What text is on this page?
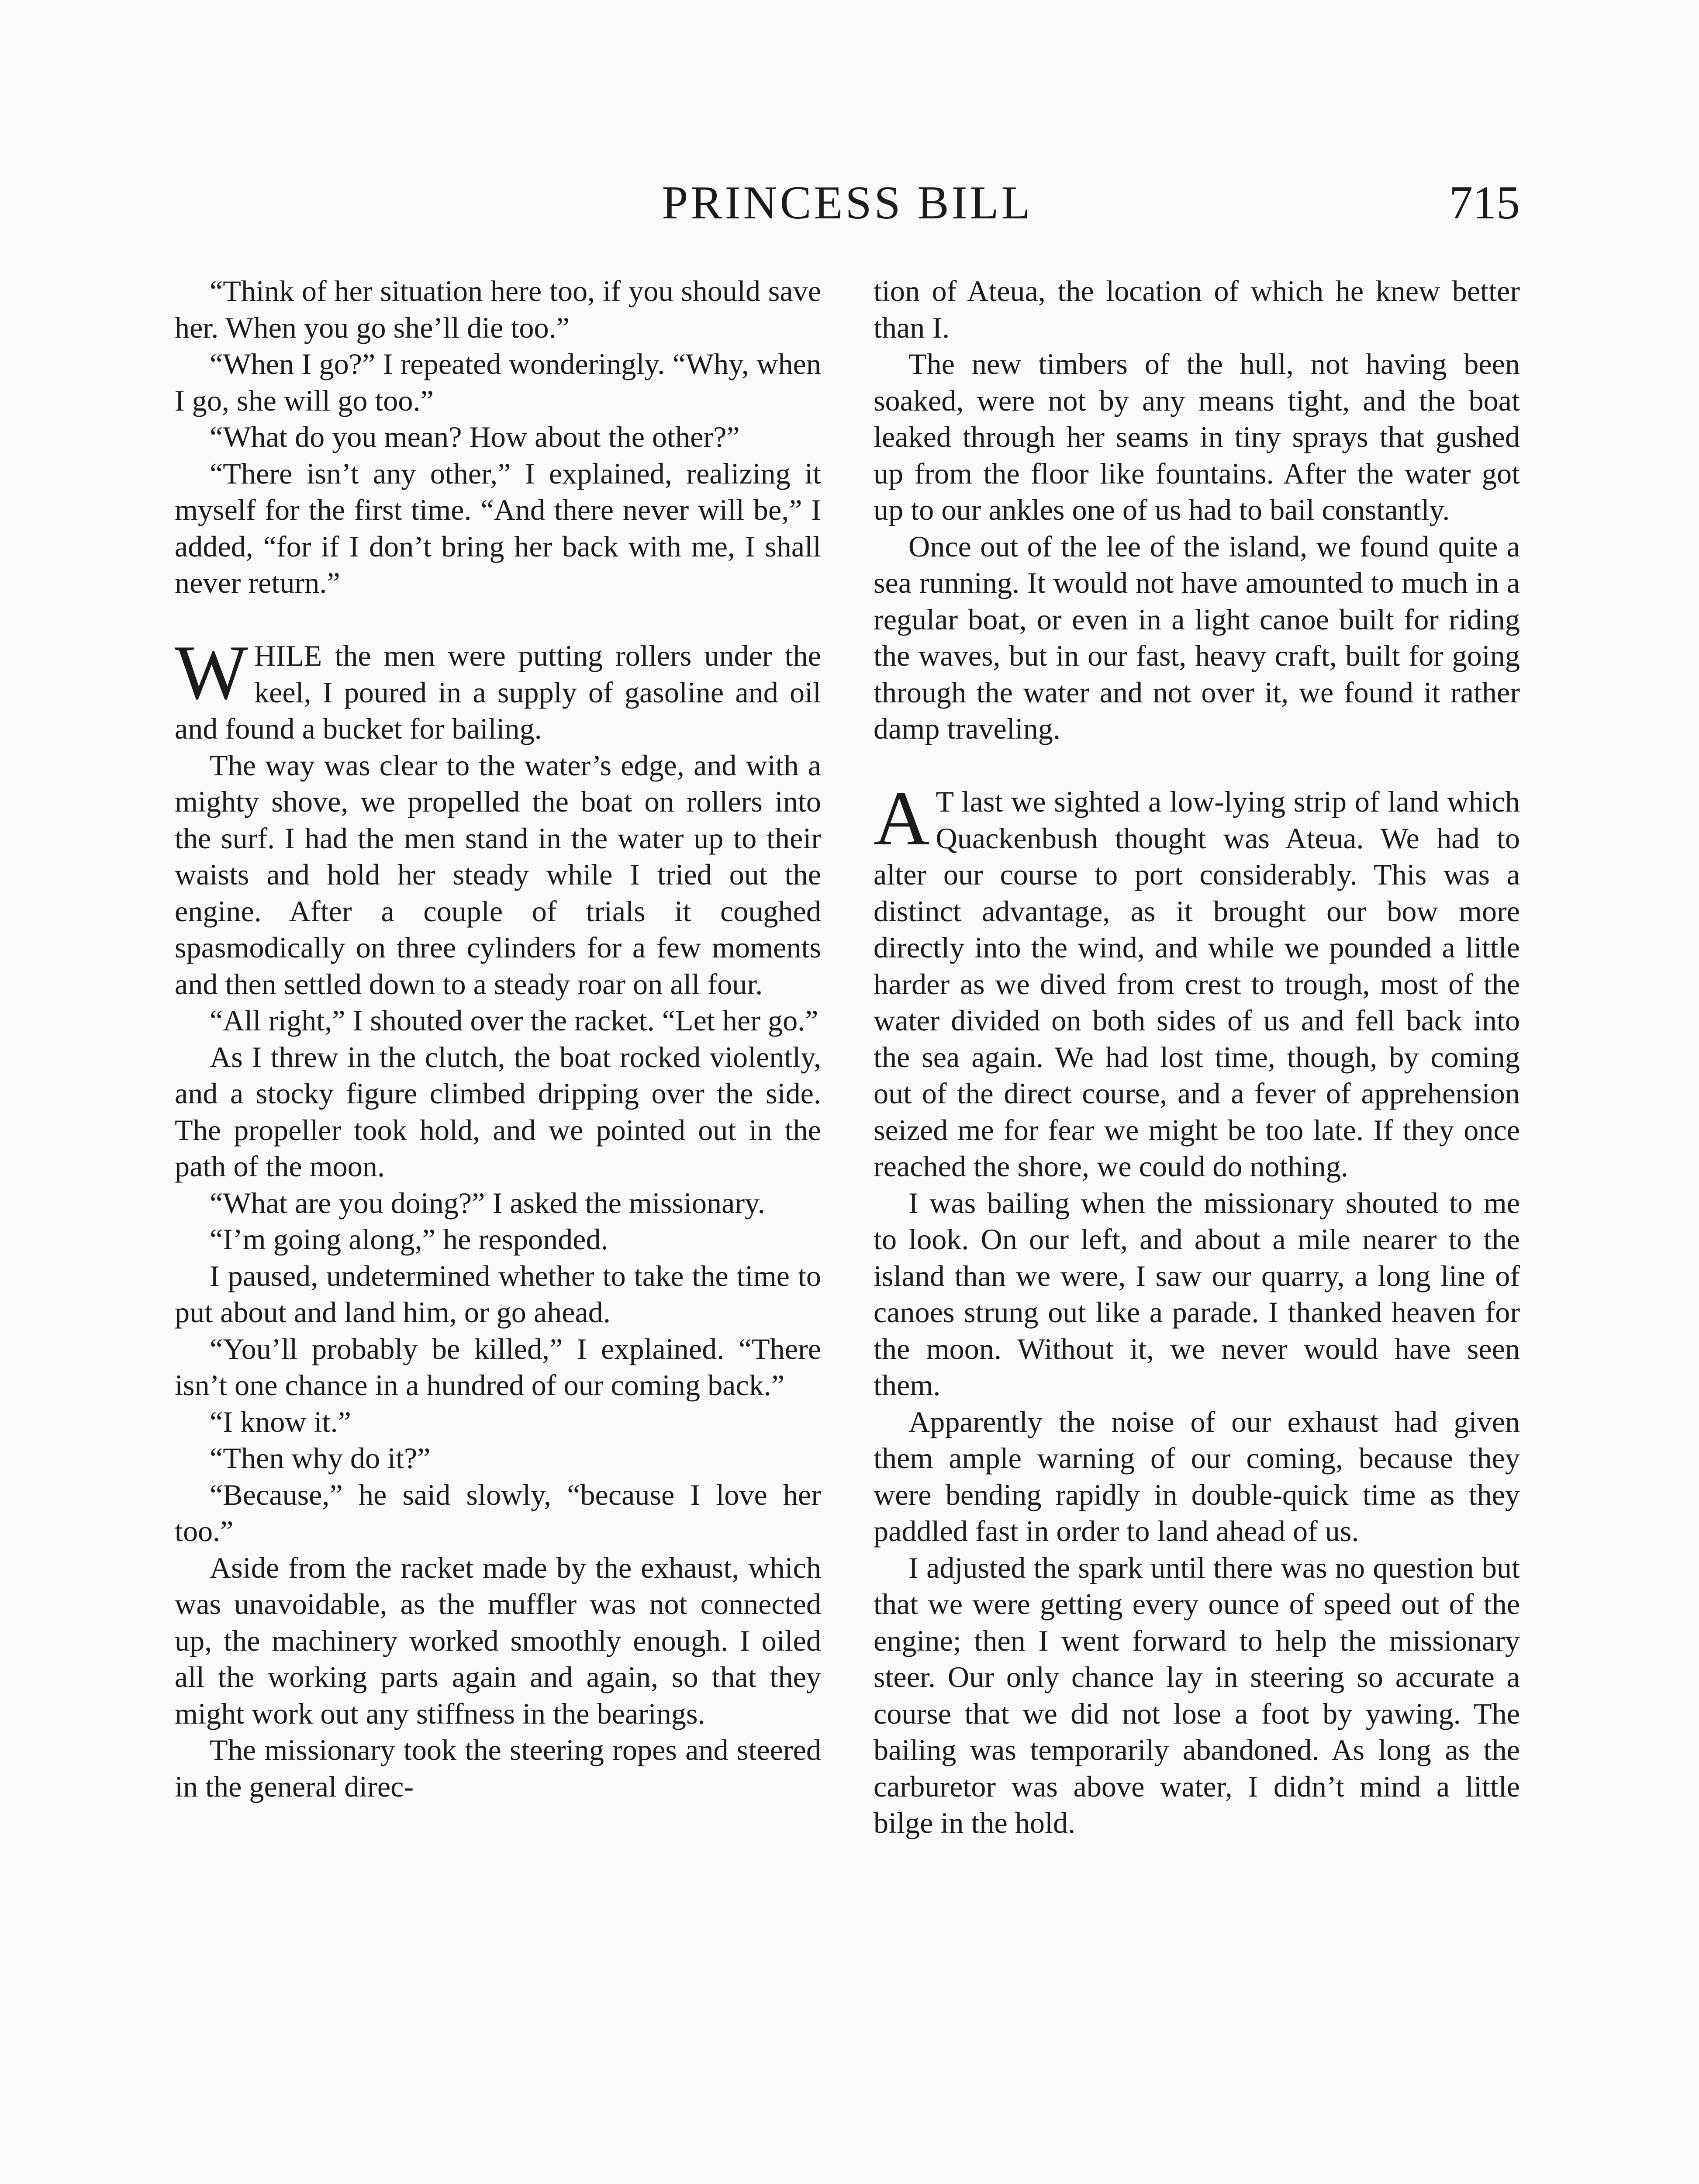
PRINCESS BILL	715

“Think of her situation here too, if you should save her. When you go she’ll die too.”

“When I go?” I repeated wonderingly. “Why, when I go, she will go too.”

“What do you mean? How about the other?”

“There isn’t any other,” I explained, realizing it myself for the first time. “And there never will be,” I added, “for if I don’t bring her back with me, I shall never return.”

WHILE the men were putting rollers under the keel, I poured in a supply of gasoline and oil and found a bucket for bailing.

The way was clear to the water’s edge, and with a mighty shove, we propelled the boat on rollers into the surf. I had the men stand in the water up to their waists and hold her steady while I tried out the engine. After a couple of trials it coughed spasmodically on three cylinders for a few moments and then settled down to a steady roar on all four.

“All right,” I shouted over the racket. “Let her go.”

As I threw in the clutch, the boat rocked violently, and a stocky figure climbed dripping over the side. The propeller took hold, and we pointed out in the path of the moon.

“What are you doing?” I asked the missionary.

“I’m going along,” he responded.

I paused, undetermined whether to take the time to put about and land him, or go ahead.

“You’ll probably be killed,” I explained. “There isn’t one chance in a hundred of our coming back.”

“I know it.”

“Then why do it?”

“Because,” he said slowly, “because I love her too.”

Aside from the racket made by the exhaust, which was unavoidable, as the muffler was not connected up, the machinery worked smoothly enough. I oiled all the working parts again and again, so that they might work out any stiffness in the bearings.

The missionary took the steering ropes and steered in the general direc-

tion of Ateua, the location of which he knew better than I.

The new timbers of the hull, not having been soaked, were not by any means tight, and the boat leaked through her seams in tiny sprays that gushed up from the floor like fountains. After the water got up to our ankles one of us had to bail constantly.

Once out of the lee of the island, we found quite a sea running. It would not have amounted to much in a regular boat, or even in a light canoe built for riding the waves, but in our fast, heavy craft, built for going through the water and not over it, we found it rather damp traveling.

A T last we sighted a low-lying strip of land which Quackenbush thought was Ateua. We had to alter our course to port considerably. This was a distinct advantage, as it brought our bow more directly into the wind, and while we pounded a little harder as we dived from crest to trough, most of the water divided on both sides of us and fell back into the sea again. We had lost time, though, by coming out of the direct course, and a fever of apprehension seized me for fear we might be too late. If they once reached the shore, we could do nothing.

I was bailing when the missionary shouted to me to look. On our left, and about a mile nearer to the island than we were, I saw our quarry, a long line of canoes strung out like a parade. I thanked heaven for the moon. Without it, we never would have seen them.

Apparently the noise of our exhaust had given them ample warning of our coming, because they were bending rapidly in double-quick time as they paddled fast in order to land ahead of us.

I adjusted the spark until there was no question but that we were getting every ounce of speed out of the engine; then I went forward to help the missionary steer. Our only chance lay in steering so accurate a course that we did not lose a foot by yawing. The bailing was temporarily abandoned. As long as the carburetor was above water, I didn’t mind a little bilge in the hold.
